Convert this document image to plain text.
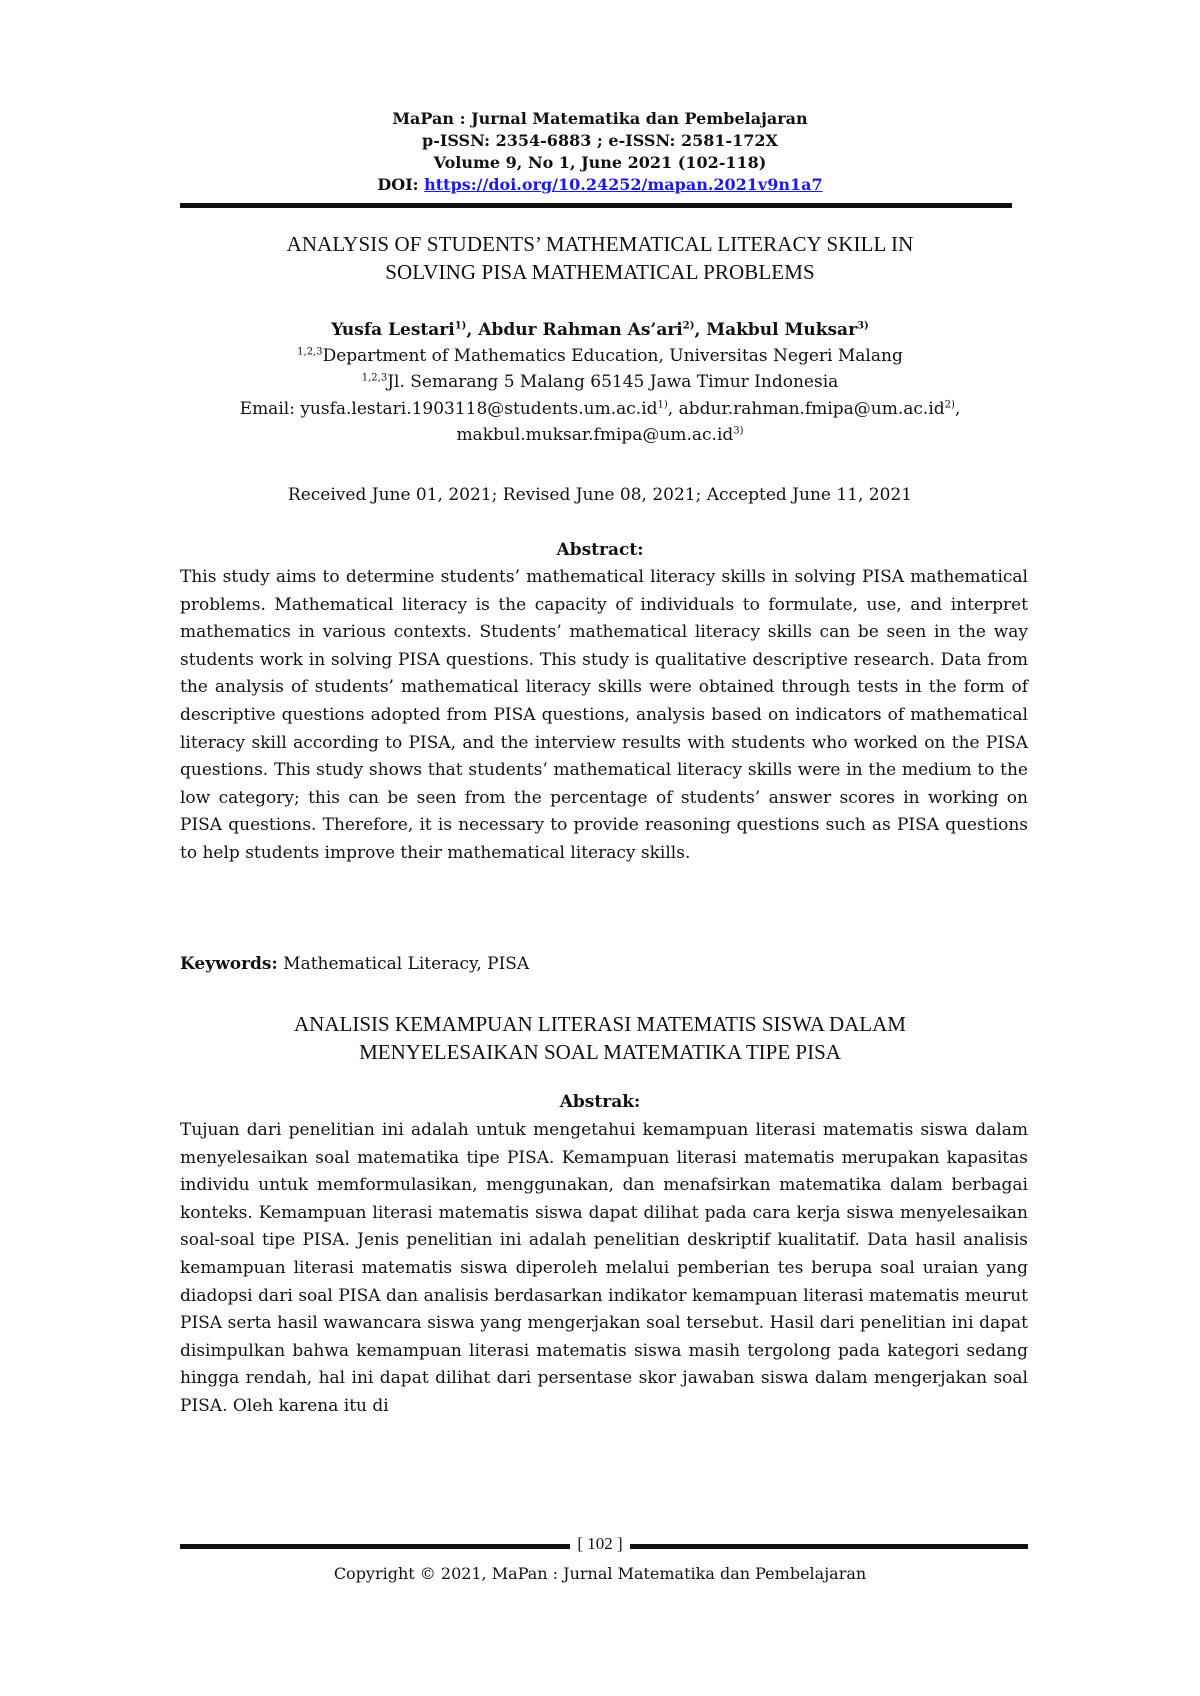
MaPan : Jurnal Matematika dan Pembelajaran
p-ISSN: 2354-6883 ; e-ISSN: 2581-172X
Volume 9, No 1, June 2021 (102-118)
DOI: https://doi.org/10.24252/mapan.2021v9n1a7
ANALYSIS OF STUDENTS’ MATHEMATICAL LITERACY SKILL IN
SOLVING PISA MATHEMATICAL PROBLEMS
Yusfa Lestari$^{1)}$, Abdur Rahman As’ari$^{2)}$, Makbul Muksar$^{3)}$
$^{1,2,3}$Department of Mathematics Education, Universitas Negeri Malang
$^{1,2,3}$Jl. Semarang 5 Malang 65145 Jawa Timur Indonesia
Email: $yusfa.lestari.1903118@students.um.ac.id^{1)}$, $abdur.rahman.fmipa@um.ac.id^{2)}$,
$makbul.muksar.fmipa@um.ac.id^{3)}$
Received June 01, 2021; Revised June 08, 2021; Accepted June 11, 2021
Abstract:
This study aims to determine students’ mathematical literacy skills in solving PISA mathematical problems. Mathematical literacy is the capacity of individuals to formulate, use, and interpret mathematics in various contexts. Students’ mathematical literacy skills can be seen in the way students work in solving PISA questions. This study is qualitative descriptive research. Data from the analysis of students’ mathematical literacy skills were obtained through tests in the form of descriptive questions adopted from PISA questions, analysis based on indicators of mathematical literacy skill according to PISA, and the interview results with students who worked on the PISA questions. This study shows that students’ mathematical literacy skills were in the medium to the low category; this can be seen from the percentage of students’ answer scores in working on PISA questions. Therefore, it is necessary to provide reasoning questions such as PISA questions to help students improve their mathematical literacy skills.
Keywords: Mathematical Literacy, PISA
ANALISIS KEMAMPUAN LITERASI MATEMATIS SISWA DALAM
MENYELESAIKAN SOAL MATEMATIKA TIPE PISA
Abstrak:
Tujuan dari penelitian ini adalah untuk mengetahui kemampuan literasi matematis siswa dalam menyelesaikan soal matematika tipe PISA. Kemampuan literasi matematis merupakan kapasitas individu untuk memformulasikan, menggunakan, dan menafsirkan matematika dalam berbagai konteks. Kemampuan literasi matematis siswa dapat dilihat pada cara kerja siswa menyelesaikan soal-soal tipe PISA. Jenis penelitian ini adalah penelitian deskriptif kualitatif. Data hasil analisis kemampuan literasi matematis siswa diperoleh melalui pemberian tes berupa soal uraian yang diadopsi dari soal PISA dan analisis berdasarkan indikator kemampuan literasi matematis meurut PISA serta hasil wawancara siswa yang mengerjakan soal tersebut. Hasil dari penelitian ini dapat disimpulkan bahwa kemampuan literasi matematis siswa masih tergolong pada kategori sedang hingga rendah, hal ini dapat dilihat dari persentase skor jawaban siswa dalam mengerjakan soal PISA. Oleh karena itu di
[ 102 ]
Copyright © 2021, MaPan : Jurnal Matematika dan Pembelajaran
